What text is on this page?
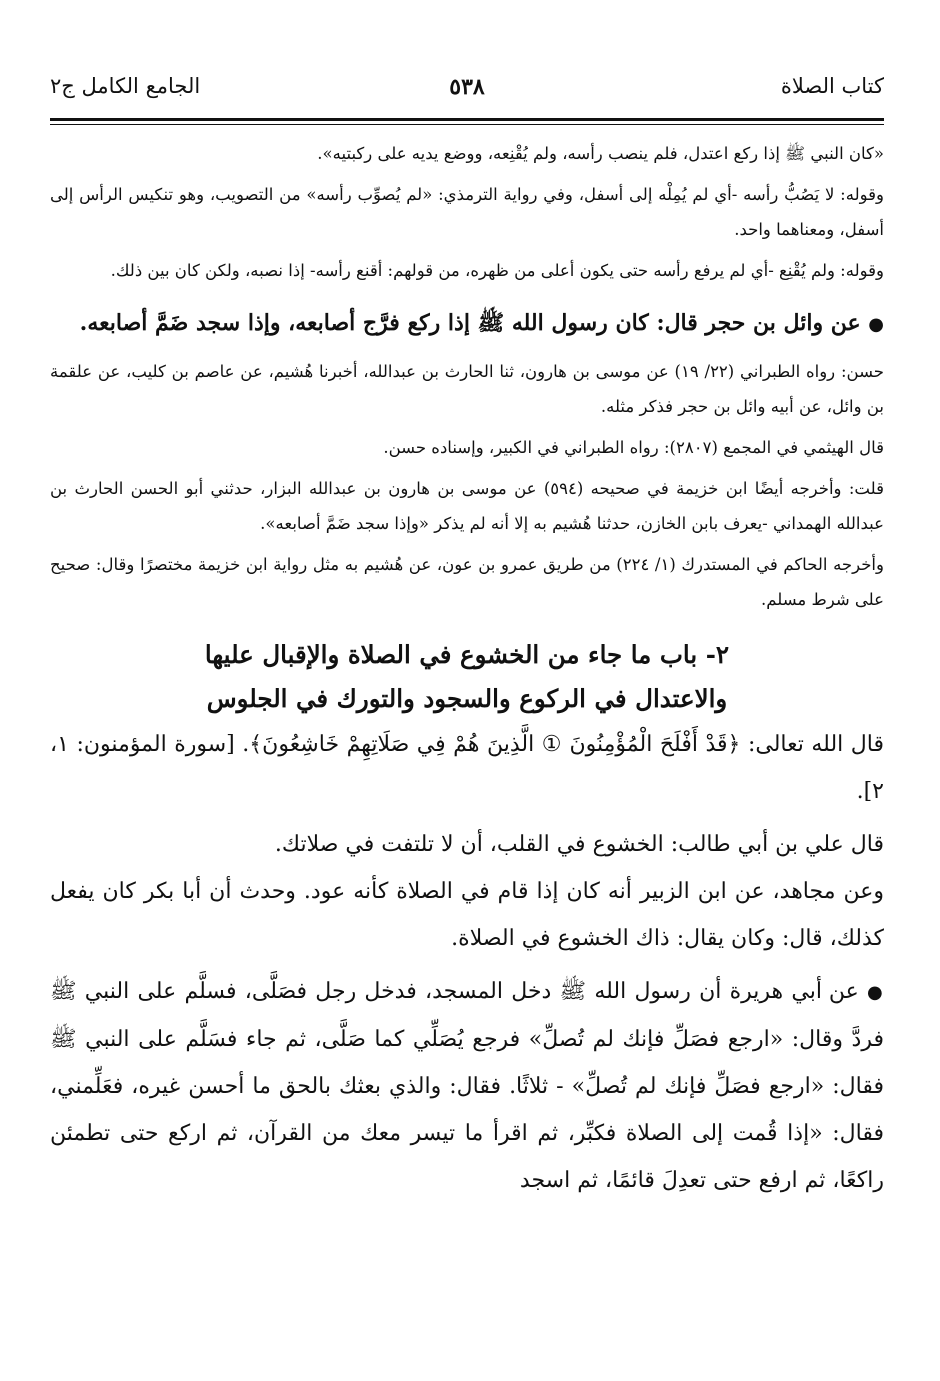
كتاب الصلاة
٥٣٨
الجامع الكامل ج٢

«كان النبي ﷺ إذا ركع اعتدل، فلم ينصب رأسه، ولم يُقْنِعه، ووضع يديه على ركبتيه».

وقوله: لا يَصُبُّ رأسه -أي لم يُمِلْه إلى أسفل، وفي رواية الترمذي: «لم يُصوِّب رأسه» من التصويب، وهو تنكيس الرأس إلى أسفل، ومعناهما واحد.

وقوله: ولم يُقْنِع -أي لم يرفع رأسه حتى يكون أعلى من ظهره، من قولهم: أقنع رأسه- إذا نصبه، ولكن كان بين ذلك.

● عن وائل بن حجر قال: كان رسول الله ﷺ إذا ركع فرَّج أصابعه، وإذا سجد ضَمَّ أصابعه.

حسن: رواه الطبراني (٢٢/ ١٩) عن موسى بن هارون، ثنا الحارث بن عبدالله، أخبرنا هُشيم، عن عاصم بن كليب، عن علقمة بن وائل، عن أبيه وائل بن حجر فذكر مثله.

قال الهيثمي في المجمع (٢٨٠٧): رواه الطبراني في الكبير، وإسناده حسن.

قلت: وأخرجه أيضًا ابن خزيمة في صحيحه (٥٩٤) عن موسى بن هارون بن عبدالله البزار، حدثني أبو الحسن الحارث بن عبدالله الهمداني -يعرف بابن الخازن، حدثنا هُشيم به إلا أنه لم يذكر «وإذا سجد ضَمَّ أصابعه».

وأخرجه الحاكم في المستدرك (١/ ٢٢٤) من طريق عمرو بن عون، عن هُشيم به مثل رواية ابن خزيمة مختصرًا وقال: صحيح على شرط مسلم.

٢- باب ما جاء من الخشوع في الصلاة والإقبال عليها
والاعتدال في الركوع والسجود والتورك في الجلوس

قال الله تعالى: ﴿قَدْ أَفْلَحَ الْمُؤْمِنُونَ ① الَّذِينَ هُمْ فِي صَلَاتِهِمْ خَاشِعُونَ﴾. [سورة المؤمنون: ١، ٢].

قال علي بن أبي طالب: الخشوع في القلب، أن لا تلتفت في صلاتك.

وعن مجاهد، عن ابن الزبير أنه كان إذا قام في الصلاة كأنه عود. وحدث أن أبا بكر كان يفعل كذلك، قال: وكان يقال: ذاك الخشوع في الصلاة.

● عن أبي هريرة أن رسول الله ﷺ دخل المسجد، فدخل رجل فصَلَّى، فسلَّم على النبي ﷺ فردَّ وقال: «ارجع فصَلِّ فإنك لم تُصلِّ» فرجع يُصَلِّي كما صَلَّى، ثم جاء فسَلَّم على النبي ﷺ فقال: «ارجع فصَلِّ فإنك لم تُصلِّ» - ثلاثًا. فقال: والذي بعثك بالحق ما أحسن غيره، فعَلِّمني، فقال: «إذا قُمت إلى الصلاة فكبِّر، ثم اقرأ ما تيسر معك من القرآن، ثم اركع حتى تطمئن راكعًا، ثم ارفع حتى تعدِلَ قائمًا، ثم اسجد
